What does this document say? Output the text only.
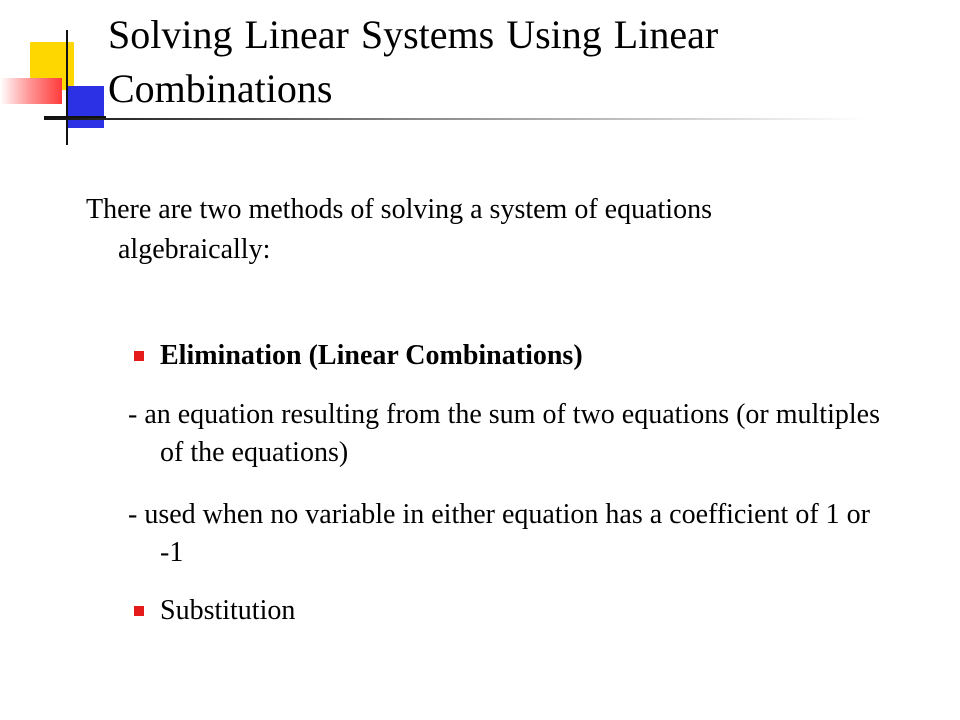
Solving Linear Systems Using Linear Combinations
There are two methods of solving a system of equations algebraically:
Elimination (Linear Combinations)
- an equation resulting from the sum of two equations (or multiples of the equations)
- used when no variable in either equation has a coefficient of 1 or -1
Substitution
